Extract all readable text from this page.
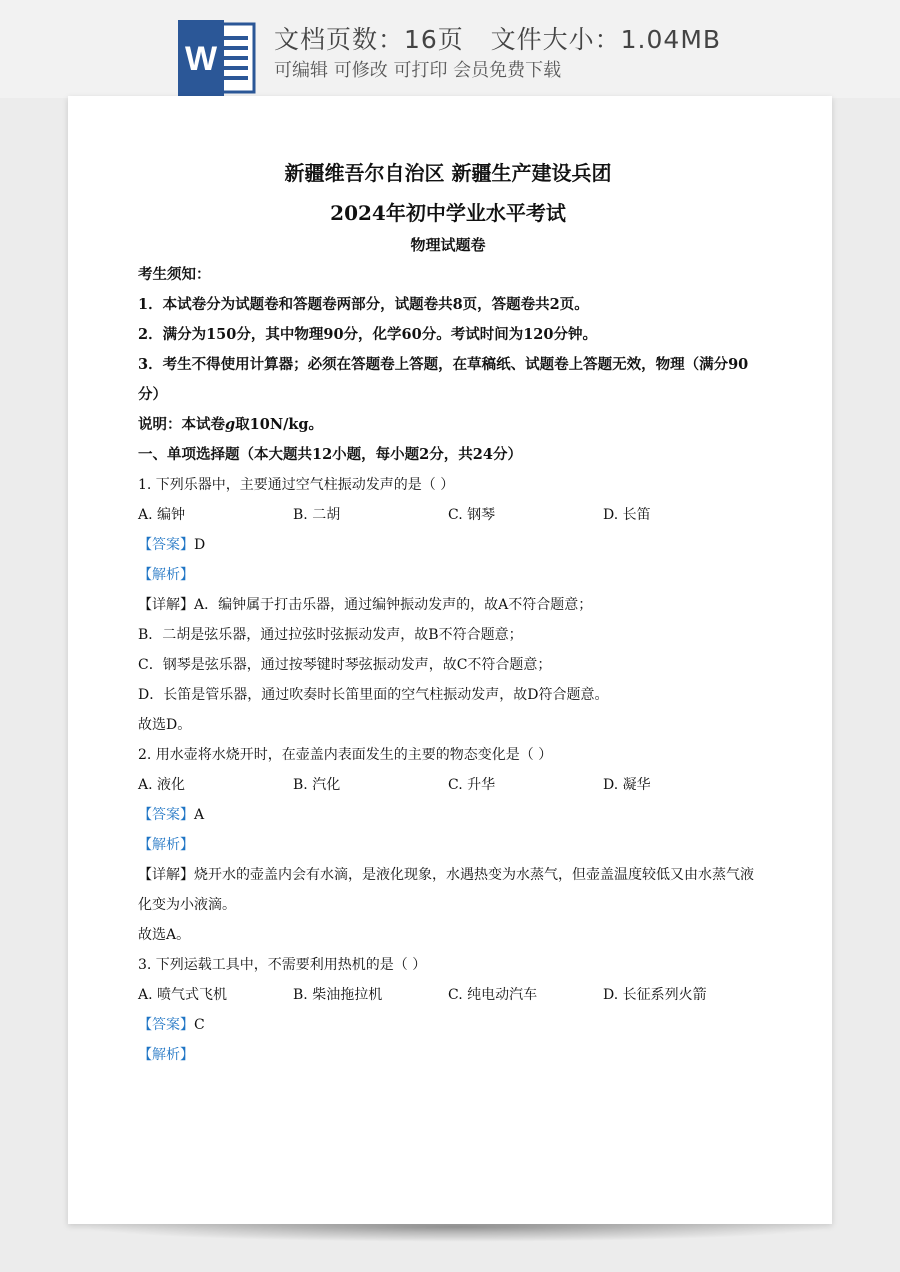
W
文档页数：16页   文件大小：1.04MB
可编辑 可修改 可打印 会员免费下载
新疆维吾尔自治区 新疆生产建设兵团
2024年初中学业水平考试
物理试题卷
考生须知：
1．本试卷分为试题卷和答题卷两部分，试题卷共8页，答题卷共2页。
2．满分为150分，其中物理90分，化学60分。考试时间为120分钟。
3．考生不得使用计算器；必须在答题卷上答题，在草稿纸、试题卷上答题无效，物理（满分90分）
说明：本试卷g取10N/kg。
一、单项选择题（本大题共12小题，每小题2分，共24分）
1. 下列乐器中，主要通过空气柱振动发声的是（ ）
A. 编钟	B. 二胡	C. 钢琴	D. 长笛
【答案】D
【解析】
【详解】A．编钟属于打击乐器，通过编钟振动发声的，故A不符合题意；
B．二胡是弦乐器，通过拉弦时弦振动发声，故B不符合题意；
C．钢琴是弦乐器，通过按琴键时琴弦振动发声，故C不符合题意；
D．长笛是管乐器，通过吹奏时长笛里面的空气柱振动发声，故D符合题意。
故选D。
2. 用水壶将水烧开时，在壶盖内表面发生的主要的物态变化是（ ）
A. 液化	B. 汽化	C. 升华	D. 凝华
【答案】A
【解析】
【详解】烧开水的壶盖内会有水滴，是液化现象，水遇热变为水蒸气，但壶盖温度较低又由水蒸气液化变为小液滴。
故选A。
3. 下列运载工具中，不需要利用热机的是（ ）
A. 喷气式飞机	B. 柴油拖拉机	C. 纯电动汽车	D. 长征系列火箭
【答案】C
【解析】
